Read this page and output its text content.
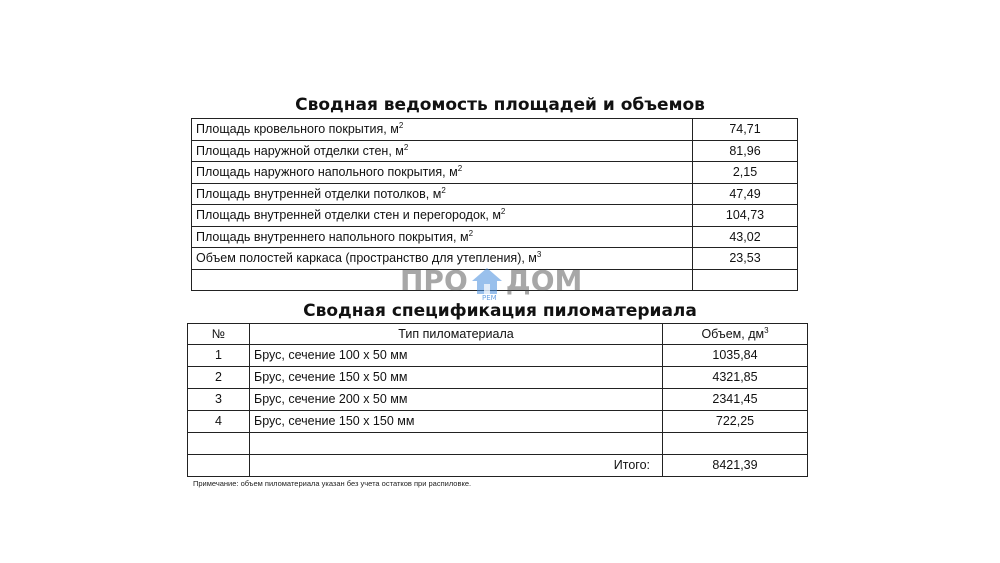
Сводная ведомость площадей и объемов
Площадь кровельного покрытия, $м^2$	74,71
Площадь наружной отделки стен, $м^2$	81,96
Площадь наружного напольного покрытия, $м^2$	2,15
Площадь внутренней отделки потолков, $м^2$	47,49
Площадь внутренней отделки стен и перегородок, $м^2$	104,73
Площадь внутреннего напольного покрытия, $м^2$	43,02
Объем полостей каркаса (пространство для утепления), $м^3$	23,53

Сводная спецификация пиломатериала
№	Тип пиломатериала	Объем, $дм^3$
1	Брус, сечение 100 х 50 мм	1035,84
2	Брус, сечение 150 х 50 мм	4321,85
3	Брус, сечение 200 х 50 мм	2341,45
4	Брус, сечение 150 х 150 мм	722,25

	Итого:	8421,39
Примечание: объем пиломатериала указан без учета остатков при распиловке.
ПРО ДОМ
РЕМ
